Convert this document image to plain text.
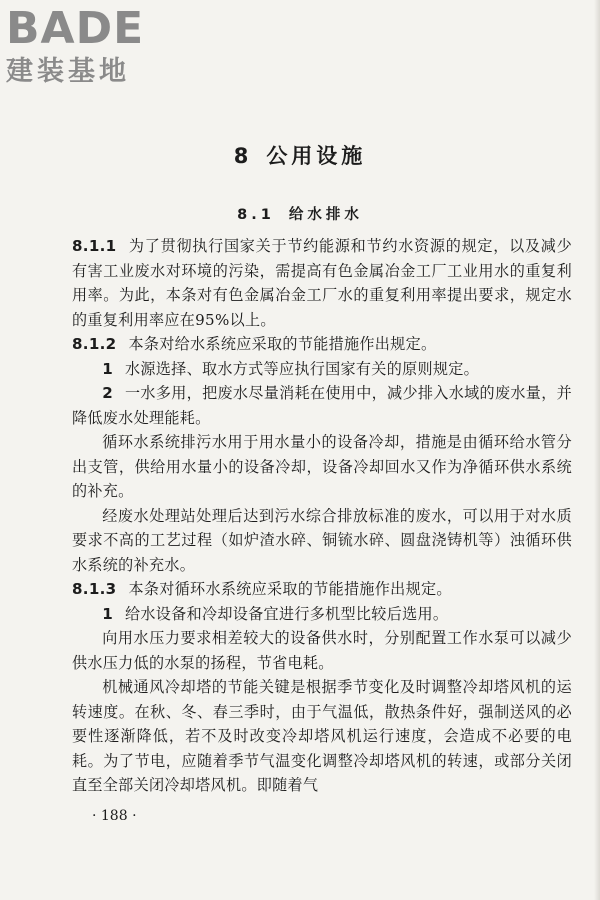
BADE

建装基地

8 公用设施
8.1 给水排水

8.1.1 为了贯彻执行国家关于节约能源和节约水资源的规定，以及减少有害工业废水对环境的污染，需提高有色金属冶金工厂工业用水的重复利用率。为此，本条对有色金属冶金工厂水的重复利用率提出要求，规定水的重复利用率应在95%以上。

8.1.2 本条对给水系统应采取的节能措施作出规定。

1 水源选择、取水方式等应执行国家有关的原则规定。

2 一水多用，把废水尽量消耗在使用中，减少排入水域的废水量，并降低废水处理能耗。

循环水系统排污水用于用水量小的设备冷却，措施是由循环给水管分出支管，供给用水量小的设备冷却，设备冷却回水又作为净循环供水系统的补充。

经废水处理站处理后达到污水综合排放标准的废水，可以用于对水质要求不高的工艺过程（如炉渣水碎、铜锍水碎、圆盘浇铸机等）浊循环供水系统的补充水。

8.1.3 本条对循环水系统应采取的节能措施作出规定。

1 给水设备和冷却设备宜进行多机型比较后选用。

向用水压力要求相差较大的设备供水时，分别配置工作水泵可以减少供水压力低的水泵的扬程，节省电耗。

机械通风冷却塔的节能关键是根据季节变化及时调整冷却塔风机的运转速度。在秋、冬、春三季时，由于气温低，散热条件好，强制送风的必要性逐渐降低，若不及时改变冷却塔风机运行速度，会造成不必要的电耗。为了节电，应随着季节气温变化调整冷却塔风机的转速，或部分关闭直至全部关闭冷却塔风机。即随着气

· 188 ·
